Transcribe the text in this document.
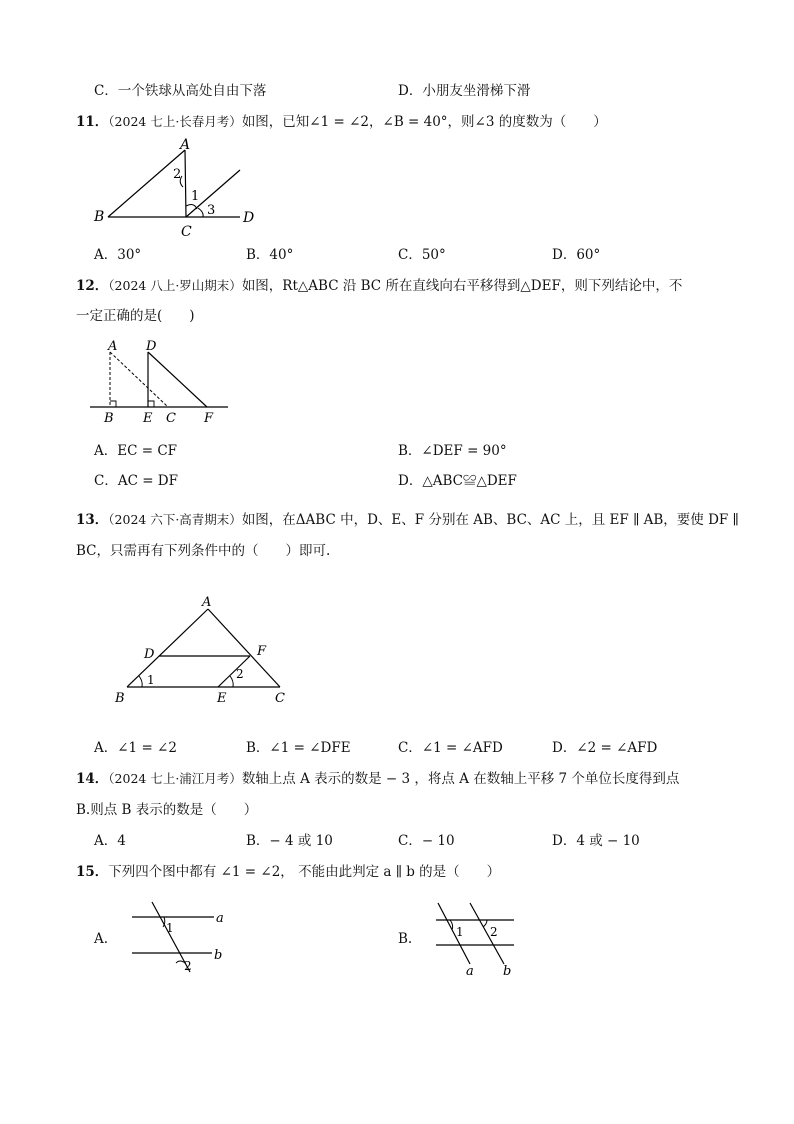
C．一个铁球从高处自由下落	D．小朋友坐滑梯下滑
11．（2024 七上·长春月考）如图，已知∠1 = ∠2，∠B = 40°，则∠3 的度数为（　　）
A
B
C
D
2
1
3
A．30°	B．40°	C．50°	D．60°
12．（2024 八上·罗山期末）如图，Rt△ABC 沿 BC 所在直线向右平移得到△DEF，则下列结论中，不
一定正确的是(　　)
A D
B E C F
A．EC = CF	B．∠DEF = 90°
C．AC = DF	D．△ABC≌△DEF
13．（2024 六下·高青期末）如图，在ΔABC 中，D、E、F 分别在 AB、BC、AC 上，且 EF ∥ AB，要使 DF ∥
BC，只需再有下列条件中的（　　）即可.
A
D	F
B	E	C
1	2
A．∠1 = ∠2	B．∠1 = ∠DFE	C．∠1 = ∠AFD	D．∠2 = ∠AFD
14．（2024 七上·浦江月考）数轴上点 A 表示的数是 − 3 ，将点 A 在数轴上平移 7 个单位长度得到点
B.则点 B 表示的数是（　　）
A．4	B．− 4 或 10	C．− 10	D．4 或 − 10
15．下列四个图中都有 ∠1 = ∠2， 不能由此判定 a ∥ b 的是（　　）
A.
a
b
1
2
B.
a b
1 2
